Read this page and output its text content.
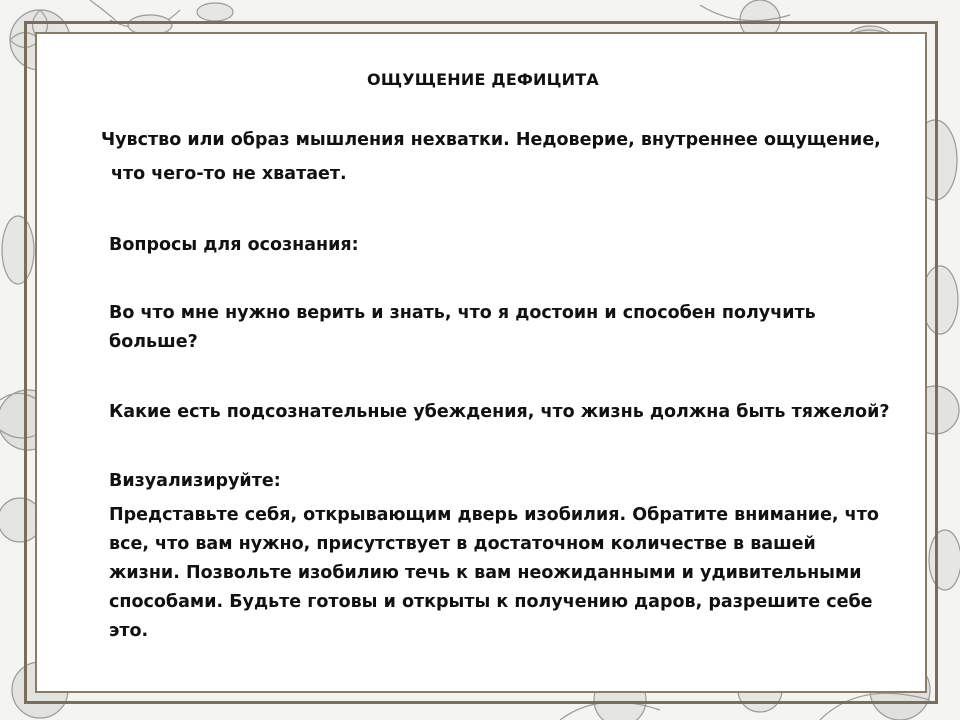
ОЩУЩЕНИЕ ДЕФИЦИТА
Чувство или образ мышления нехватки. Недоверие, внутреннее ощущение,
что чего-то не хватает.
Вопросы для осознания:
Во что мне нужно верить и знать, что я достоин и способен получить
больше?
Какие есть подсознательные убеждения, что жизнь должна быть тяжелой?
Визуализируйте:
Представьте себя, открывающим дверь изобилия. Обратите внимание, что
все, что вам нужно, присутствует в достаточном количестве в вашей
жизни. Позвольте изобилию течь к вам неожиданными и удивительными
способами. Будьте готовы и открыты к получению даров, разрешите себе
это.
